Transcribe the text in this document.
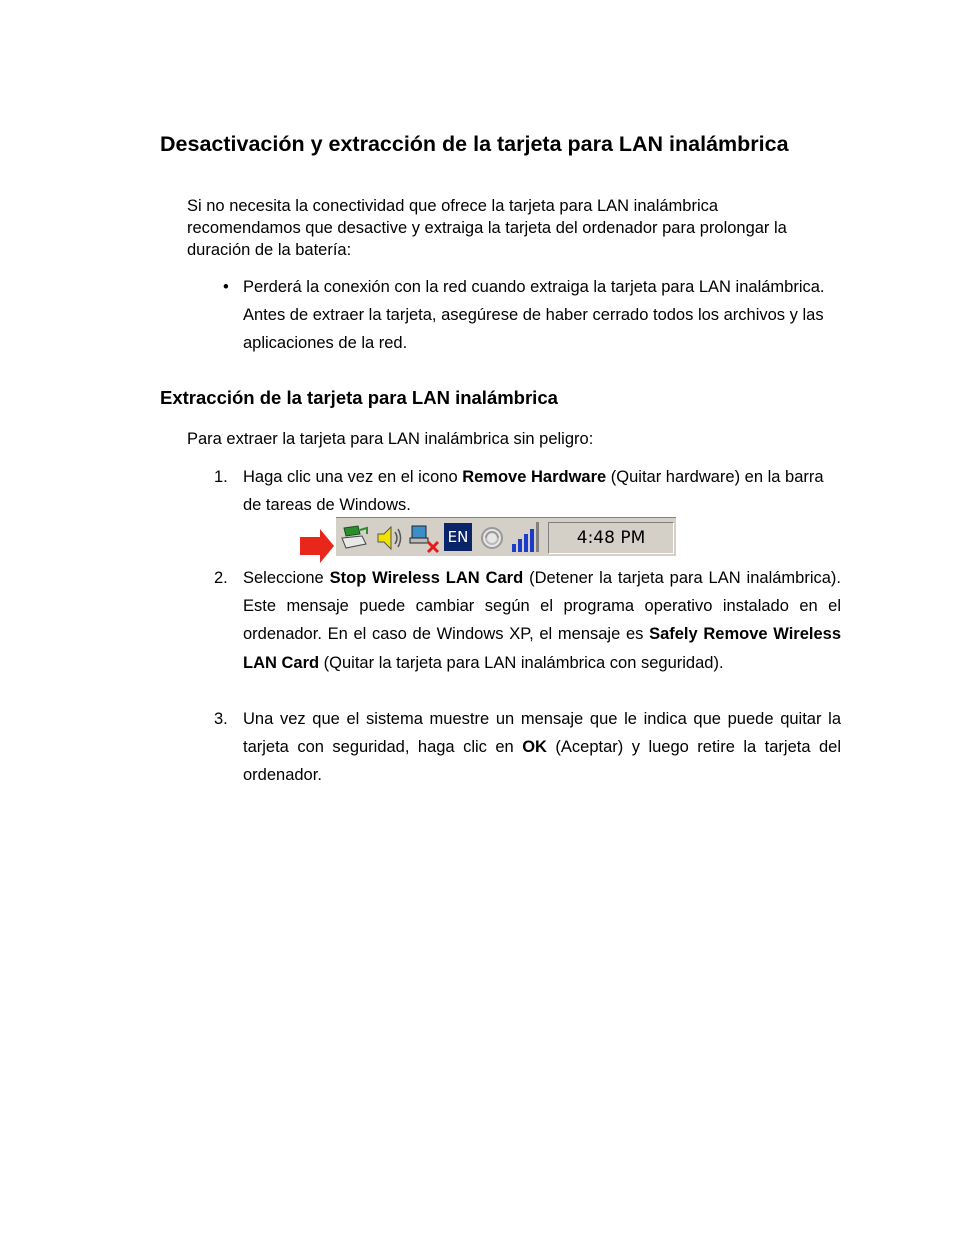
Desactivación y extracción de la tarjeta para LAN inalámbrica

Si no necesita la conectividad que ofrece la tarjeta para LAN inalámbrica recomendamos que desactive y extraiga la tarjeta del ordenador para prolongar la duración de la batería:

• Perderá la conexión con la red cuando extraiga la tarjeta para LAN inalámbrica. Antes de extraer la tarjeta, asegúrese de haber cerrado todos los archivos y las aplicaciones de la red.
Extracción de la tarjeta para LAN inalámbrica

Para extraer la tarjeta para LAN inalámbrica sin peligro:

1. Haga clic una vez en el icono Remove Hardware (Quitar hardware) en la barra de tareas de Windows.
EN	4:48 PM
2. Seleccione Stop Wireless LAN Card (Detener la tarjeta para LAN inalámbrica). Este mensaje puede cambiar según el programa operativo instalado en el ordenador. En el caso de Windows XP, el mensaje es Safely Remove Wireless LAN Card (Quitar la tarjeta para LAN inalámbrica con seguridad).
3. Una vez que el sistema muestre un mensaje que le indica que puede quitar la tarjeta con seguridad, haga clic en OK (Aceptar) y luego retire la tarjeta del ordenador.
